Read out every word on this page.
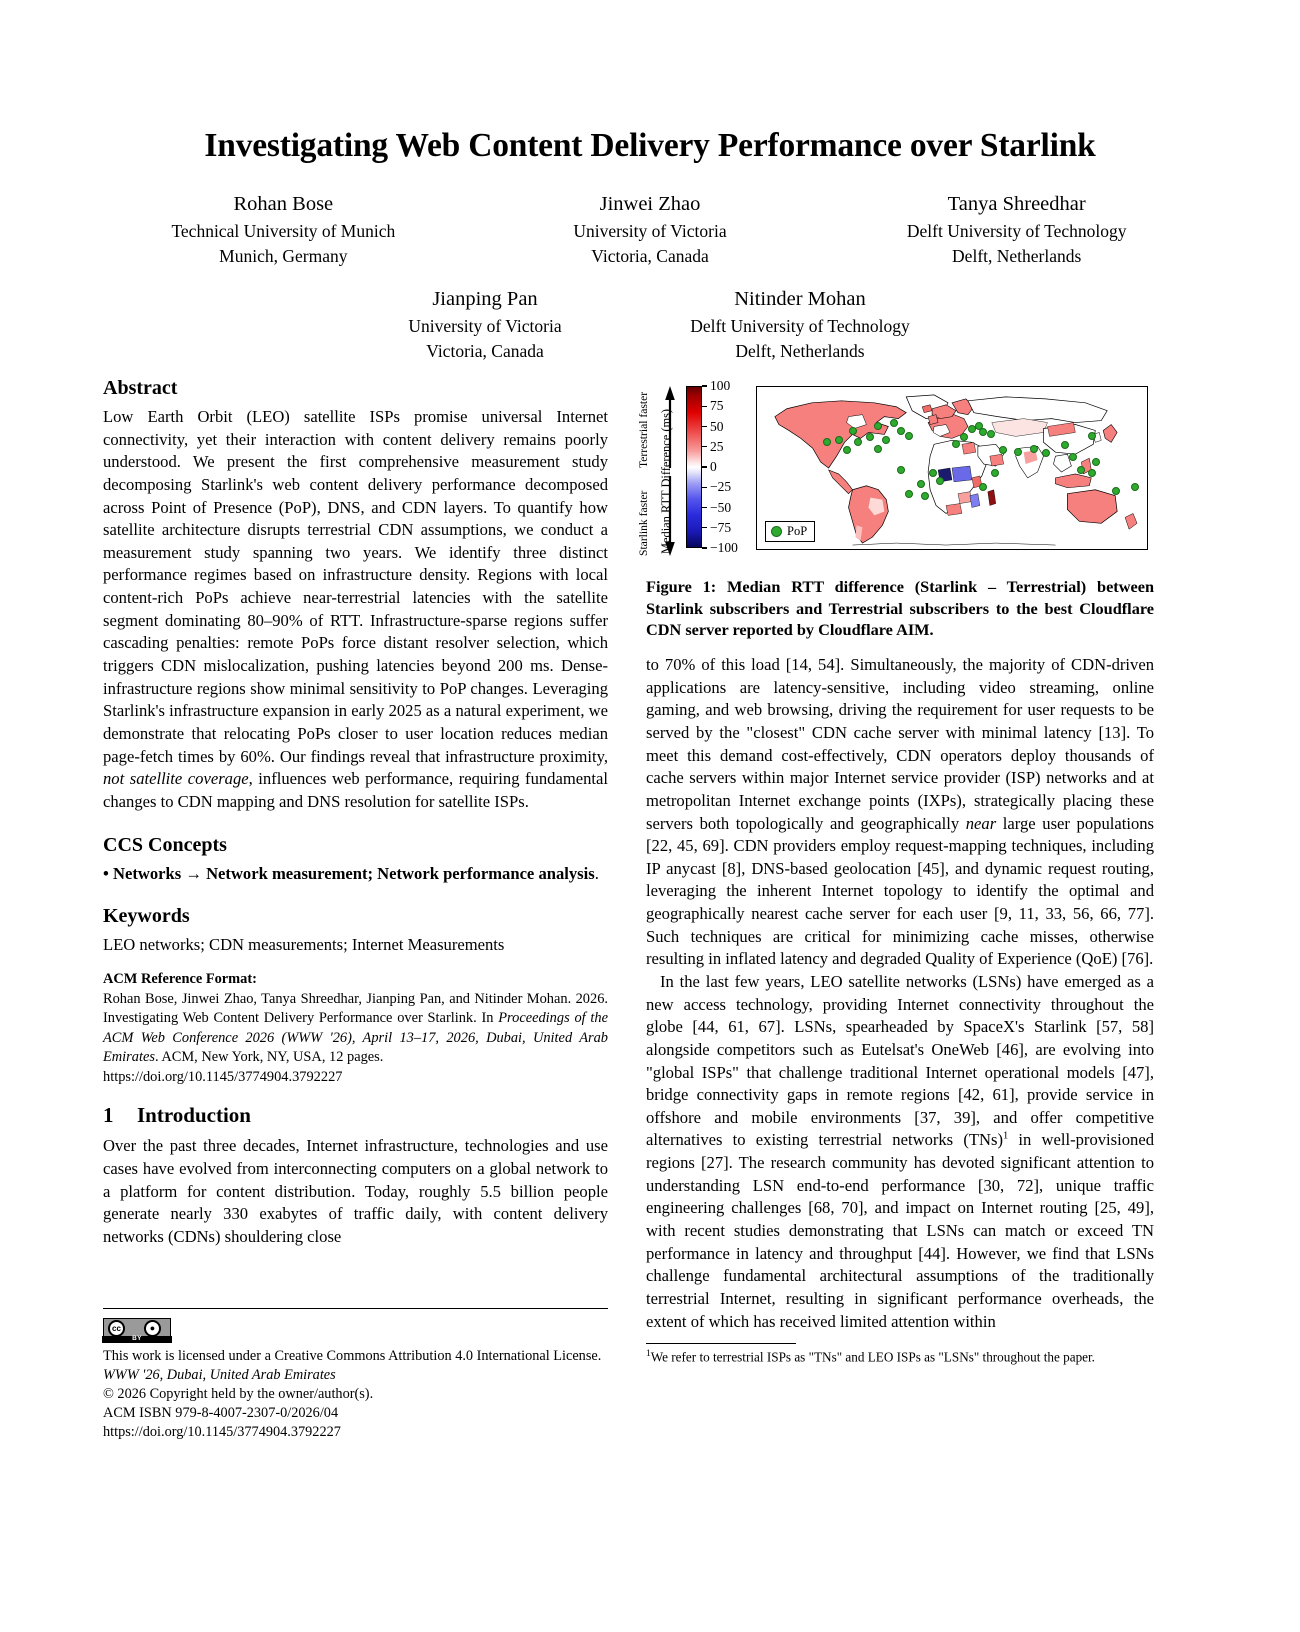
Investigating Web Content Delivery Performance over Starlink
Rohan Bose
Technical University of Munich
Munich, Germany
Jinwei Zhao
University of Victoria
Victoria, Canada
Tanya Shreedhar
Delft University of Technology
Delft, Netherlands
Jianping Pan
University of Victoria
Victoria, Canada
Nitinder Mohan
Delft University of Technology
Delft, Netherlands
Abstract

Low Earth Orbit (LEO) satellite ISPs promise universal Internet connectivity, yet their interaction with content delivery remains poorly understood. We present the first comprehensive measurement study decomposing Starlink's web content delivery performance decomposed across Point of Presence (PoP), DNS, and CDN layers. To quantify how satellite architecture disrupts terrestrial CDN assumptions, we conduct a measurement study spanning two years. We identify three distinct performance regimes based on infrastructure density. Regions with local content-rich PoPs achieve near-terrestrial latencies with the satellite segment dominating 80–90% of RTT. Infrastructure-sparse regions suffer cascading penalties: remote PoPs force distant resolver selection, which triggers CDN mislocalization, pushing latencies beyond 200 ms. Dense-infrastructure regions show minimal sensitivity to PoP changes. Leveraging Starlink's infrastructure expansion in early 2025 as a natural experiment, we demonstrate that relocating PoPs closer to user location reduces median page-fetch times by 60%. Our findings reveal that infrastructure proximity, not satellite coverage, influences web performance, requiring fundamental changes to CDN mapping and DNS resolution for satellite ISPs.

CCS Concepts

• Networks → Network measurement; Network performance analysis.

Keywords

LEO networks; CDN measurements; Internet Measurements

ACM Reference Format:
Rohan Bose, Jinwei Zhao, Tanya Shreedhar, Jianping Pan, and Nitinder Mohan. 2026. Investigating Web Content Delivery Performance over Starlink. In Proceedings of the ACM Web Conference 2026 (WWW '26), April 13–17, 2026, Dubai, United Arab Emirates. ACM, New York, NY, USA, 12 pages.
https://doi.org/10.1145/3774904.3792227
1 Introduction

Over the past three decades, Internet infrastructure, technologies and use cases have evolved from interconnecting computers on a global network to a platform for content distribution. Today, roughly 5.5 billion people generate nearly 330 exabytes of traffic daily, with content delivery networks (CDNs) shouldering close

cc	●
BY

This work is licensed under a Creative Commons Attribution 4.0 International License.

WWW '26, Dubai, United Arab Emirates

© 2026 Copyright held by the owner/author(s).

ACM ISBN 979-8-4007-2307-0/2026/04

https://doi.org/10.1145/3774904.3792227

Starlink faster
Terrestrial faster Median RTT Difference (ms)
100
75
50
25
0
−25
−50
−75
−100
PoP

Figure 1: Median RTT difference (Starlink – Terrestrial) between Starlink subscribers and Terrestrial subscribers to the best Cloudflare CDN server reported by Cloudflare AIM.

to 70% of this load [14, 54]. Simultaneously, the majority of CDN-driven applications are latency-sensitive, including video streaming, online gaming, and web browsing, driving the requirement for user requests to be served by the "closest" CDN cache server with minimal latency [13]. To meet this demand cost-effectively, CDN operators deploy thousands of cache servers within major Internet service provider (ISP) networks and at metropolitan Internet exchange points (IXPs), strategically placing these servers both topologically and geographically near large user populations [22, 45, 69]. CDN providers employ request-mapping techniques, including IP anycast [8], DNS-based geolocation [45], and dynamic request routing, leveraging the inherent Internet topology to identify the optimal and geographically nearest cache server for each user [9, 11, 33, 56, 66, 77]. Such techniques are critical for minimizing cache misses, otherwise resulting in inflated latency and degraded Quality of Experience (QoE) [76].

In the last few years, LEO satellite networks (LSNs) have emerged as a new access technology, providing Internet connectivity throughout the globe [44, 61, 67]. LSNs, spearheaded by SpaceX's Starlink [57, 58] alongside competitors such as Eutelsat's OneWeb [46], are evolving into "global ISPs" that challenge traditional Internet operational models [47], bridge connectivity gaps in remote regions [42, 61], provide service in offshore and mobile environments [37, 39], and offer competitive alternatives to existing terrestrial networks (TNs)$^1$ in well-provisioned regions [27]. The research community has devoted significant attention to understanding LSN end-to-end performance [30, 72], unique traffic engineering challenges [68, 70], and impact on Internet routing [25, 49], with recent studies demonstrating that LSNs can match or exceed TN performance in latency and throughput [44]. However, we find that LSNs challenge fundamental architectural assumptions of the traditionally terrestrial Internet, resulting in significant performance overheads, the extent of which has received limited attention within

$^1$We refer to terrestrial ISPs as "TNs" and LEO ISPs as "LSNs" throughout the paper.
